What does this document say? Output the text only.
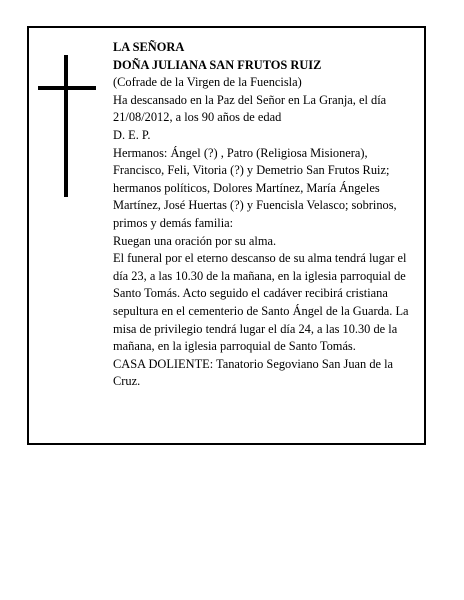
LA SEÑORA

DOÑA JULIANA SAN FRUTOS RUIZ

(Cofrade de la Virgen de la Fuencisla)

Ha descansado en la Paz del Señor en La Granja, el día 21/08/2012, a los 90 años de edad

D. E. P.

Hermanos: Ángel (?) , Patro (Religiosa Misionera), Francisco, Feli, Vitoria (?) y Demetrio San Frutos Ruiz; hermanos políticos, Dolores Martínez, María Ángeles Martínez, José Huertas (?) y Fuencisla Velasco; sobrinos, primos y demás familia:

Ruegan una oración por su alma.

El funeral por el eterno descanso de su alma tendrá lugar el día 23, a las 10.30 de la mañana, en la iglesia parroquial de Santo Tomás. Acto seguido el cadáver recibirá cristiana sepultura en el cementerio de Santo Ángel de la Guarda. La misa de privilegio tendrá lugar el día 24, a las 10.30 de la mañana, en la iglesia parroquial de Santo Tomás.

CASA DOLIENTE: Tanatorio Segoviano San Juan de la Cruz.
